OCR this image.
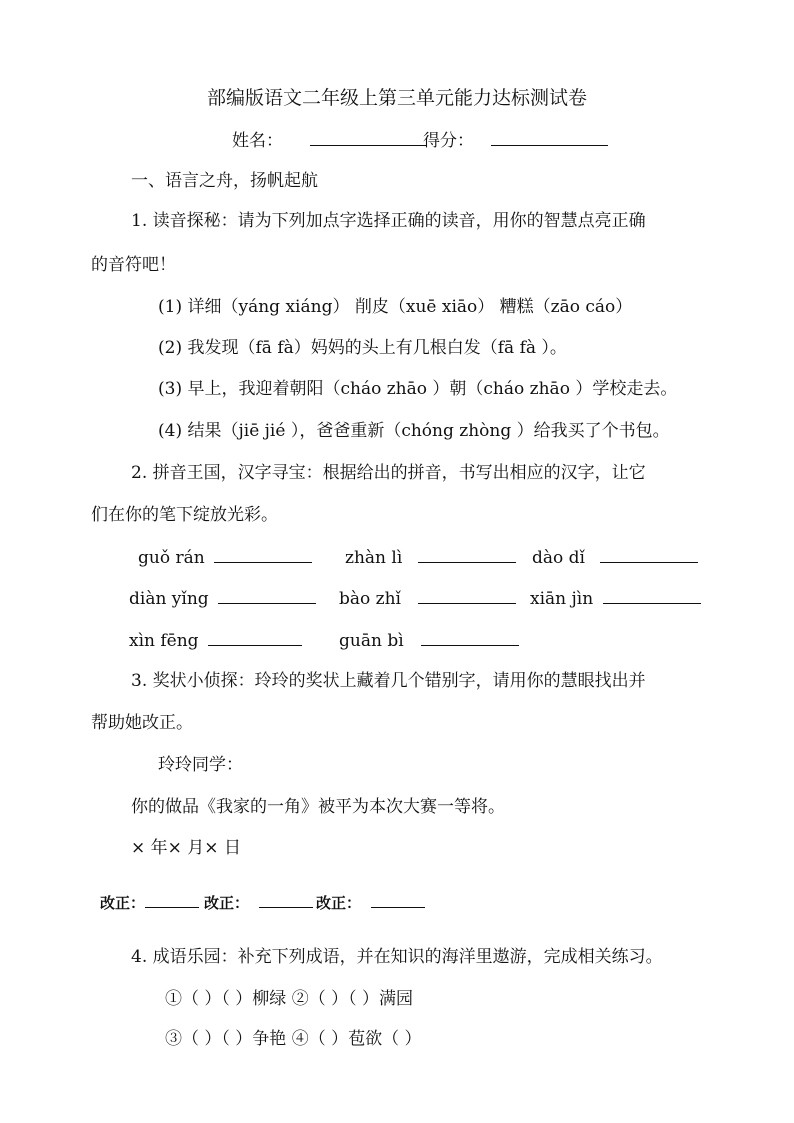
部编版语文二年级上第三单元能力达标测试卷
姓名：	得分：
一、语言之舟，扬帆起航
1. 读音探秘：请为下列加点字选择正确的读音，用你的智慧点亮正确
的音符吧！
(1) 详细（yáng xiáng） 削皮（xuē xiāo） 糟糕（zāo cáo）
(2) 我发现（fā fà）妈妈的头上有几根白发（fā fà ）。
(3) 早上，我迎着朝阳（cháo zhāo ）朝（cháo zhāo ）学校走去。
(4) 结果（jiē jié ），爸爸重新（chóng zhòng ）给我买了个书包。
2. 拼音王国，汉字寻宝：根据给出的拼音，书写出相应的汉字，让它
们在你的笔下绽放光彩。
guǒ rán	zhàn lì	dào dǐ
diàn yǐng	bào zhǐ	xiān jìn
xìn fēng	guān bì
3. 奖状小侦探：玲玲的奖状上藏着几个错别字，请用你的慧眼找出并
帮助她改正。
玲玲同学：
你的做品《我家的一角》被平为本次大赛一等将。
× 年× 月× 日
改正：	改正：	改正：
4. 成语乐园：补充下列成语，并在知识的海洋里遨游，完成相关练习。
①（ ）（ ）柳绿 ②（ ）（ ）满园
③（ ）（ ）争艳 ④（ ）苞欲（ ）
